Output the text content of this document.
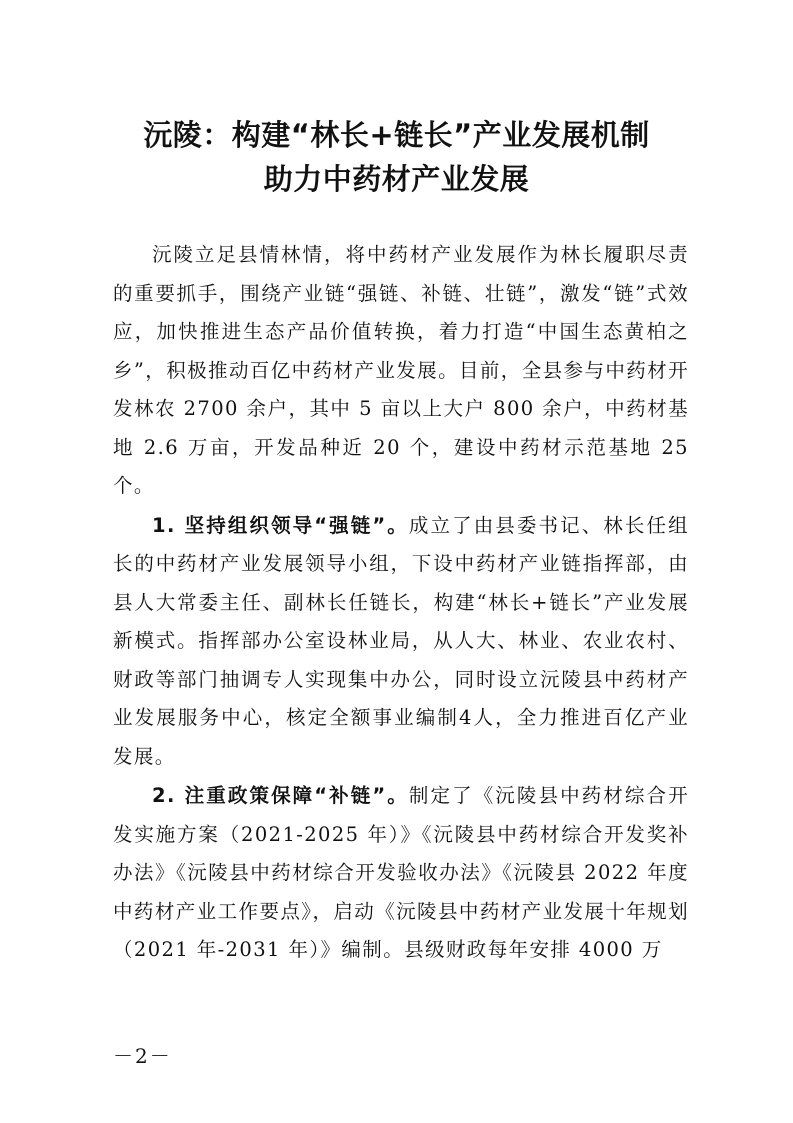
沅陵：构建“林长+链长”产业发展机制
助力中药材产业发展

沅陵立足县情林情，将中药材产业发展作为林长履职尽责的重要抓手，围绕产业链“强链、补链、壮链”，激发“链”式效应，加快推进生态产品价值转换，着力打造“中国生态黄柏之乡”，积极推动百亿中药材产业发展。目前，全县参与中药材开发林农 2700 余户，其中 5 亩以上大户 800 余户，中药材基地 2.6 万亩，开发品种近 20 个，建设中药材示范基地 25 个。

1. 坚持组织领导“强链”。成立了由县委书记、林长任组长的中药材产业发展领导小组，下设中药材产业链指挥部，由县人大常委主任、副林长任链长，构建“林长+链长”产业发展新模式。指挥部办公室设林业局，从人大、林业、农业农村、财政等部门抽调专人实现集中办公，同时设立沅陵县中药材产业发展服务中心，核定全额事业编制4人，全力推进百亿产业发展。

2. 注重政策保障“补链”。制定了《沅陵县中药材综合开发实施方案（2021-2025 年）》《沅陵县中药材综合开发奖补办法》《沅陵县中药材综合开发验收办法》《沅陵县 2022 年度中药材产业工作要点》，启动《沅陵县中药材产业发展十年规划（2021 年-2031 年）》编制。县级财政每年安排 4000 万

－2－
